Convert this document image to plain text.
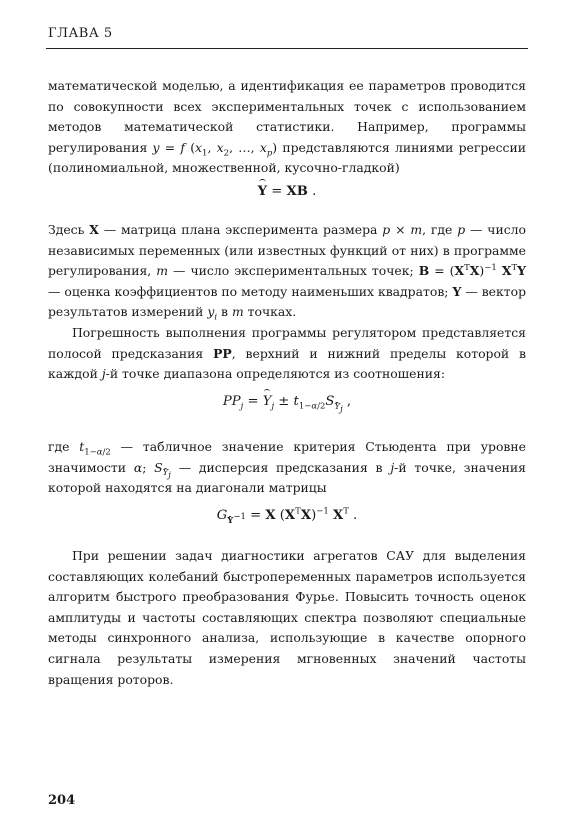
ГЛАВА 5

математической моделью, а идентификация ее параметров проводится по совокупности всех экспериментальных точек с использованием методов математической статистики. Например, программы регулирования y = f ($x_1$, $x_2$, …, $x_p$) представляются линиями регрессии (полиномиальной, множественной, кусочно-гладкой)

Y = XB .

Здесь X — матрица плана эксперимента размера p × m, где p — число независимых переменных (или известных функций от них) в программе регулирования, m — число экспериментальных точек; $B = (X^TX)^{-1}$ $X^TY$ — оценка коэффициентов по методу наименьших квадратов; Y — вектор результатов измерений $y_i$ в m точках.

Погрешность выполнения программы регулятором представляется полосой предсказания PP, верхний и нижний пределы которой в каждой j-й точке диапазона определяются из соотношения:

$PP_j = Y_j \pm t_{1-\alpha/2}S_{Y_j}$ ,

где $t_{1-\alpha/2}$ — табличное значение критерия Стьюдента при уровне значимости α; $S_{Y_j}$ — дисперсия предсказания в j-й точке, значения которой находятся на диагонали матрицы

$G_{Y^{-1}} = X$ $(X^TX)^{-1}$ $X^T$ .

При решении задач диагностики агрегатов САУ для выделения составляющих колебаний быстропеременных параметров используется алгоритм быстрого преобразования Фурье. Повысить точность оценок амплитуды и частоты составляющих спектра позволяют специальные методы синхронного анализа, использующие в качестве опорного сигнала результаты измерения мгновенных значений частоты вращения роторов.

204
